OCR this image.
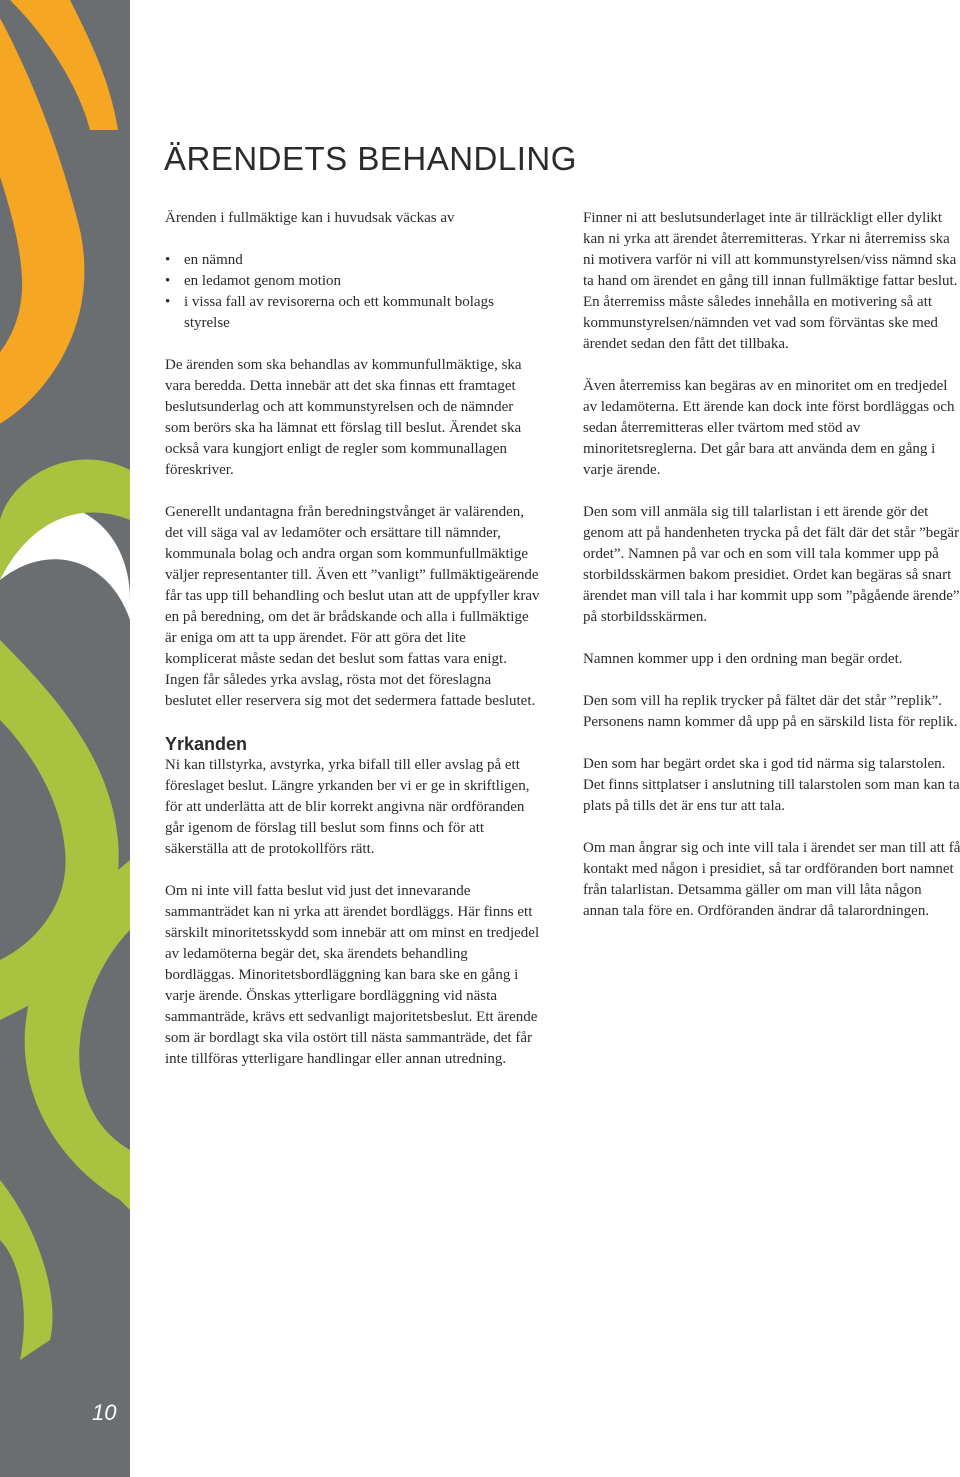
10
ÄRENDETS BEHANDLING

Ärenden i fullmäktige kan i huvudsak väckas av

• en nämnd
• en ledamot genom motion
• i vissa fall av revisorerna och ett kommunalt bolags styrelse

De ärenden som ska behandlas av kommunfullmäktige, ska vara beredda. Detta innebär att det ska finnas ett framtaget beslutsunderlag och att kommunstyrelsen och de nämnder som berörs ska ha lämnat ett förslag till beslut. Ärendet ska också vara kungjort enligt de regler som kommunallagen föreskriver.

Generellt undantagna från beredningstvånget är valärenden, det vill säga val av ledamöter och ersättare till nämnder, kommunala bolag och andra organ som kommunfullmäktige väljer representanter till. Även ett ”vanligt” fullmäktigeärende får tas upp till behandling och beslut utan att de uppfyller krav en på beredning, om det är brådskande och alla i fullmäktige är eniga om att ta upp ärendet. För att göra det lite komplicerat måste sedan det beslut som fattas vara enigt. Ingen får således yrka avslag, rösta mot det föreslagna beslutet eller reservera sig mot det sedermera fattade beslutet.

Yrkanden

Ni kan tillstyrka, avstyrka, yrka bifall till eller avslag på ett föreslaget beslut. Längre yrkanden ber vi er ge in skriftligen, för att underlätta att de blir korrekt angivna när ordföranden går igenom de förslag till beslut som finns och för att säkerställa att de protokollförs rätt.

Om ni inte vill fatta beslut vid just det innevarande sammanträdet kan ni yrka att ärendet bordläggs. Här finns ett särskilt minoritetsskydd som innebär att om minst en tredjedel av ledamöterna begär det, ska ärendets behandling bordläggas. Minoritetsbordläggning kan bara ske en gång i varje ärende. Önskas ytterligare bordläggning vid nästa sammanträde, krävs ett sedvanligt majoritetsbeslut. Ett ärende som är bordlagt ska vila ostört till nästa sammanträde, det får inte tillföras ytterligare handlingar eller annan utredning.

Finner ni att beslutsunderlaget inte är tillräckligt eller dylikt kan ni yrka att ärendet återremitteras. Yrkar ni återremiss ska ni motivera varför ni vill att kommunstyrelsen/viss nämnd ska ta hand om ärendet en gång till innan fullmäktige fattar beslut. En återremiss måste således innehålla en motivering så att kommunstyrelsen/nämnden vet vad som förväntas ske med ärendet sedan den fått det tillbaka.

Även återremiss kan begäras av en minoritet om en tredjedel av ledamöterna. Ett ärende kan dock inte först bordläggas och sedan återremitteras eller tvärtom med stöd av minoritetsreglerna. Det går bara att använda dem en gång i varje ärende.

Den som vill anmäla sig till talarlistan i ett ärende gör det genom att på handenheten trycka på det fält där det står ”begär ordet”. Namnen på var och en som vill tala kommer upp på storbildsskärmen bakom presidiet. Ordet kan begäras så snart ärendet man vill tala i har kommit upp som ”pågående ärende” på storbildsskärmen.

Namnen kommer upp i den ordning man begär ordet.

Den som vill ha replik trycker på fältet där det står ”replik”. Personens namn kommer då upp på en särskild lista för replik.

Den som har begärt ordet ska i god tid närma sig talarstolen. Det finns sittplatser i anslutning till talarstolen som man kan ta plats på tills det är ens tur att tala.

Om man ångrar sig och inte vill tala i ärendet ser man till att få kontakt med någon i presidiet, så tar ordföranden bort namnet från talarlistan. Detsamma gäller om man vill låta någon annan tala före en. Ordföranden ändrar då talarordningen.
